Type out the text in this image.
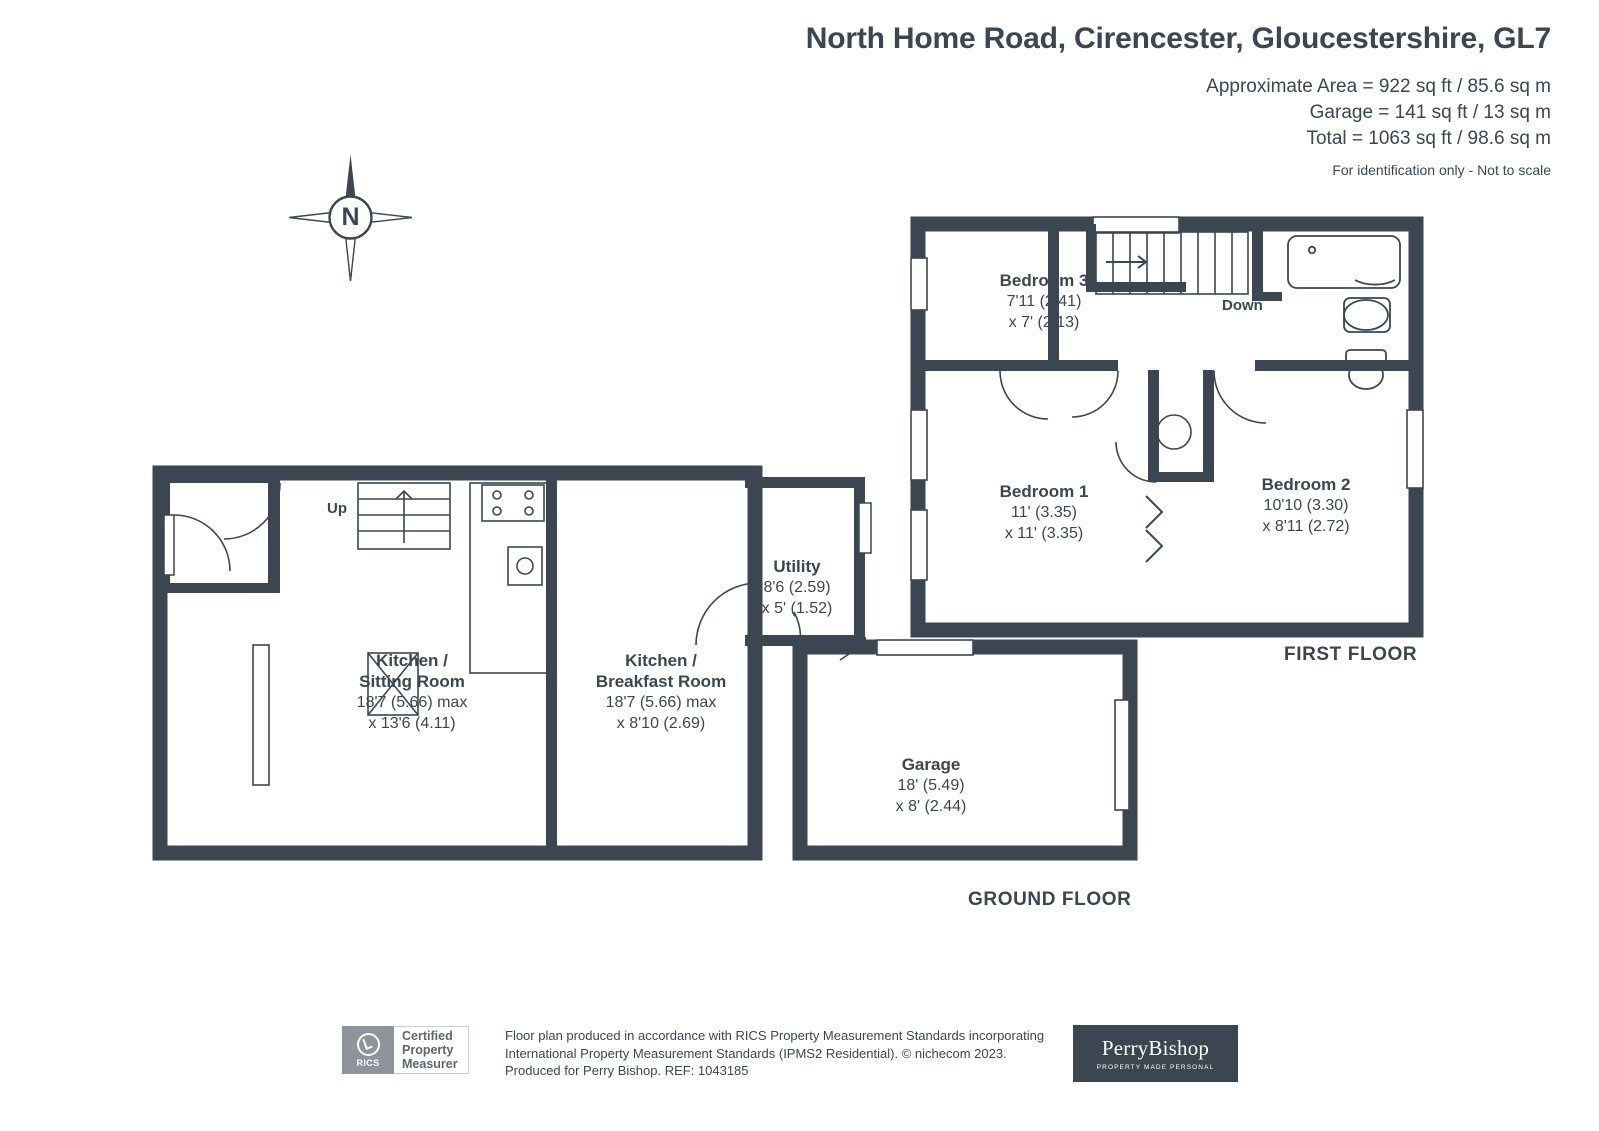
North Home Road, Cirencester, Gloucestershire, GL7
Approximate Area = 922 sq ft / 85.6 sq m
Garage = 141 sq ft / 13 sq m
Total = 1063 sq ft / 98.6 sq m
For identification only - Not to scale
N
Bedroom 3
7'11 (2.41)
x 7' (2.13)
Bedroom 1
11' (3.35)
x 11' (3.35)
Bedroom 2
10'10 (3.30)
x 8'11 (2.72)
Down
FIRST FLOOR
Kitchen /
Sitting Room
18'7 (5.66) max
x 13'6 (4.11)
Kitchen /
Breakfast Room
18'7 (5.66) max
x 8'10 (2.69)
Utility
8'6 (2.59)
x 5' (1.52)
Garage
18' (5.49)
x 8' (2.44)
Up
GROUND FLOOR
RICS
Certified
Property
Measurer
Floor plan produced in accordance with RICS Property Measurement Standards incorporating
International Property Measurement Standards (IPMS2 Residential). © nichecom 2023.
Produced for Perry Bishop. REF: 1043185
PerryBishop
PROPERTY MADE PERSONAL
